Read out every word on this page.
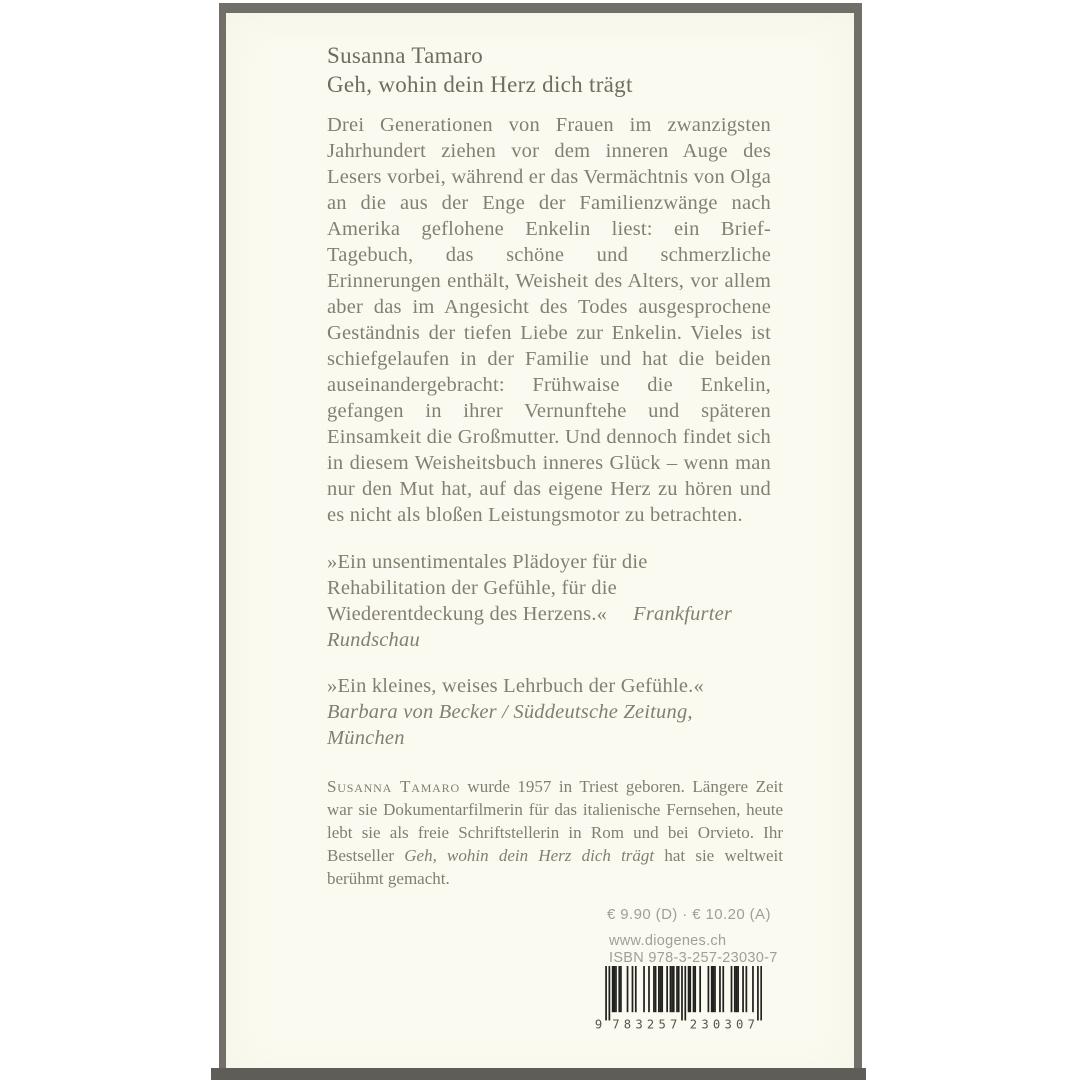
Susanna Tamaro
Geh, wohin dein Herz dich trägt

Drei Generationen von Frauen im zwanzigsten Jahrhundert ziehen vor dem inneren Auge des Lesers vorbei, während er das Vermächtnis von Olga an die aus der Enge der Familienzwänge nach Amerika geflohene Enkelin liest: ein Brief-Tagebuch, das schöne und schmerzliche Erinnerungen enthält, Weisheit des Alters, vor allem aber das im Angesicht des Todes ausgesprochene Geständnis der tiefen Liebe zur Enkelin. Vieles ist schiefgelaufen in der Familie und hat die beiden auseinandergebracht: Frühwaise die Enkelin, gefangen in ihrer Vernunftehe und späteren Einsamkeit die Großmutter. Und dennoch findet sich in diesem Weisheitsbuch inneres Glück – wenn man nur den Mut hat, auf das eigene Herz zu hören und es nicht als bloßen Leistungsmotor zu betrachten.

»Ein unsentimentales Plädoyer für die Rehabilitation der Gefühle, für die Wiederentdeckung des Herzens.« Frankfurter Rundschau

»Ein kleines, weises Lehrbuch der Gefühle.«
Barbara von Becker / Süddeutsche Zeitung, München

Susanna Tamaro wurde 1957 in Triest geboren. Längere Zeit war sie Dokumentarfilmerin für das italienische Fernsehen, heute lebt sie als freie Schriftstellerin in Rom und bei Orvieto. Ihr Bestseller Geh, wohin dein Herz dich trägt hat sie weltweit berühmt gemacht.

€ 9.90 (D) · € 10.20 (A)
www.diogenes.ch
ISBN 978-3-257-23030-7
9 7 8 3 2 5 7 2 3 0 3 0 7
